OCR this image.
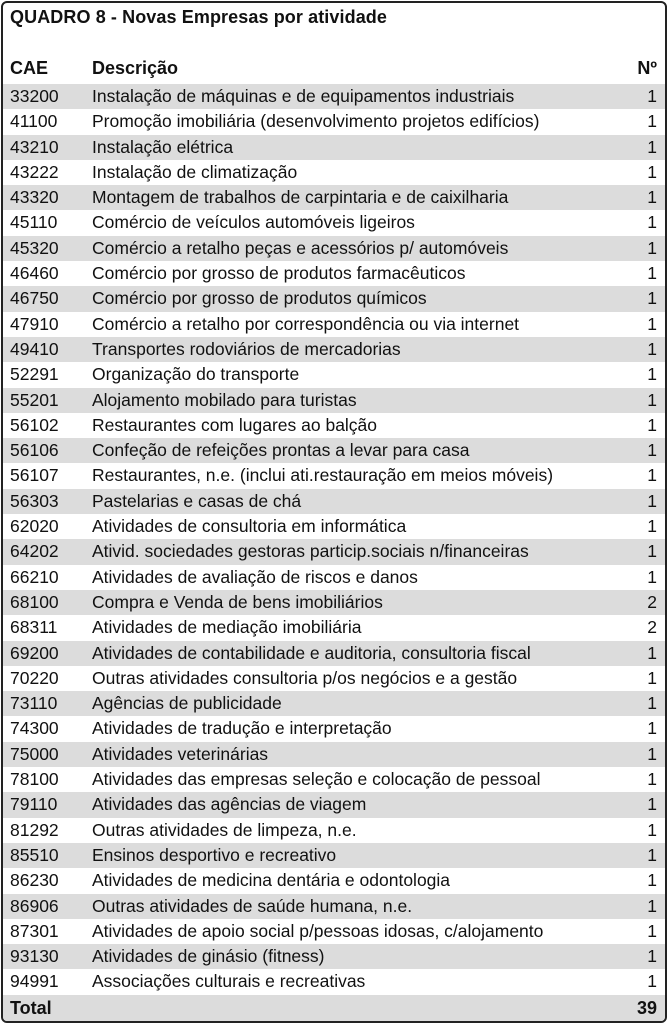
QUADRO 8 - Novas Empresas por atividade
CAE Descrição	Nº
33200 Instalação de máquinas e de equipamentos industriais	1
41100 Promoção imobiliária (desenvolvimento projetos edifícios)	1
43210 Instalação elétrica	1
43222 Instalação de climatização	1
43320 Montagem de trabalhos de carpintaria e de caixilharia	1
45110 Comércio de veículos automóveis ligeiros	1
45320 Comércio a retalho peças e acessórios p/ automóveis	1
46460 Comércio por grosso de produtos farmacêuticos	1
46750 Comércio por grosso de produtos químicos	1
47910 Comércio a retalho por correspondência ou via internet	1
49410 Transportes rodoviários de mercadorias	1
52291 Organização do transporte	1
55201 Alojamento mobilado para turistas	1
56102 Restaurantes com lugares ao balção	1
56106 Confeção de refeições prontas a levar para casa	1
56107 Restaurantes, n.e. (inclui ati.restauração em meios móveis)	1
56303 Pastelarias e casas de chá	1
62020 Atividades de consultoria em informática	1
64202 Ativid. sociedades gestoras particip.sociais n/financeiras	1
66210 Atividades de avaliação de riscos e danos	1
68100 Compra e Venda de bens imobiliários	2
68311 Atividades de mediação imobiliária	2
69200 Atividades de contabilidade e auditoria, consultoria fiscal	1
70220 Outras atividades consultoria p/os negócios e a gestão	1
73110 Agências de publicidade	1
74300 Atividades de tradução e interpretação	1
75000 Atividades veterinárias	1
78100 Atividades das empresas seleção e colocação de pessoal	1
79110 Atividades das agências de viagem	1
81292 Outras atividades de limpeza, n.e.	1
85510 Ensinos desportivo e recreativo	1
86230 Atividades de medicina dentária e odontologia	1
86906 Outras atividades de saúde humana, n.e.	1
87301 Atividades de apoio social p/pessoas idosas, c/alojamento	1
93130 Atividades de ginásio (fitness)	1
94991 Associações culturais e recreativas	1
Total	39
